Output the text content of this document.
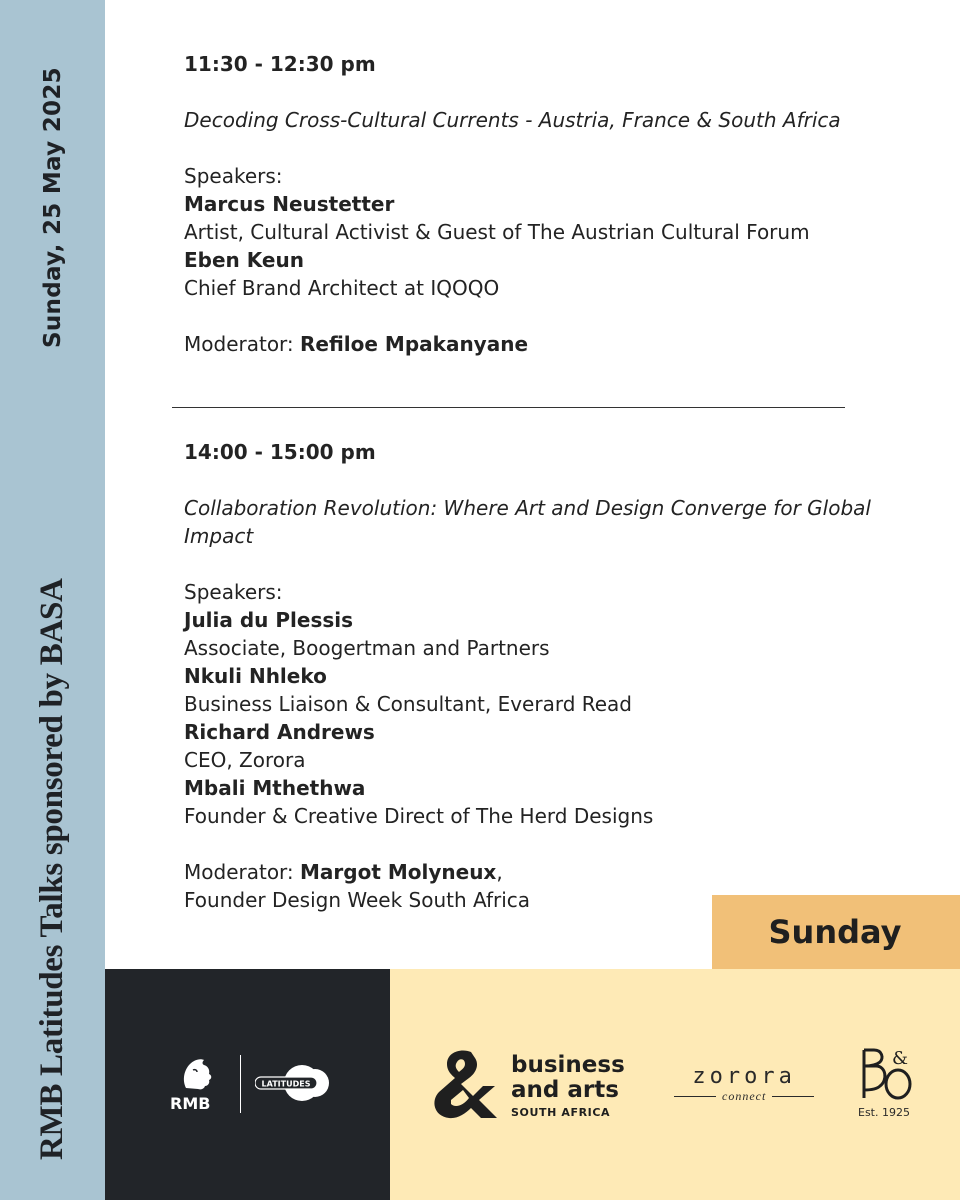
Sunday, 25 May 2025
RMB Latitudes Talks sponsored by BASA
11:30 - 12:30 pm
Decoding Cross-Cultural Currents - Austria, France & South Africa
Speakers:
Marcus Neustetter
Artist, Cultural Activist & Guest of The Austrian Cultural Forum
Eben Keun
Chief Brand Architect at IQOQO
Moderator: Refiloe Mpakanyane
14:00 - 15:00 pm
Collaboration Revolution: Where Art and Design Converge for Global Impact
Speakers:
Julia du Plessis
Associate, Boogertman and Partners
Nkuli Nhleko
Business Liaison & Consultant, Everard Read
Richard Andrews
CEO, Zorora
Mbali Mthethwa
Founder & Creative Direct of The Herd Designs
Moderator: Margot Molyneux,
Founder Design Week South Africa
Sunday
RMB
LATITUDES
business
and arts
SOUTH AFRICA
zorora
connect
&
Est. 1925
